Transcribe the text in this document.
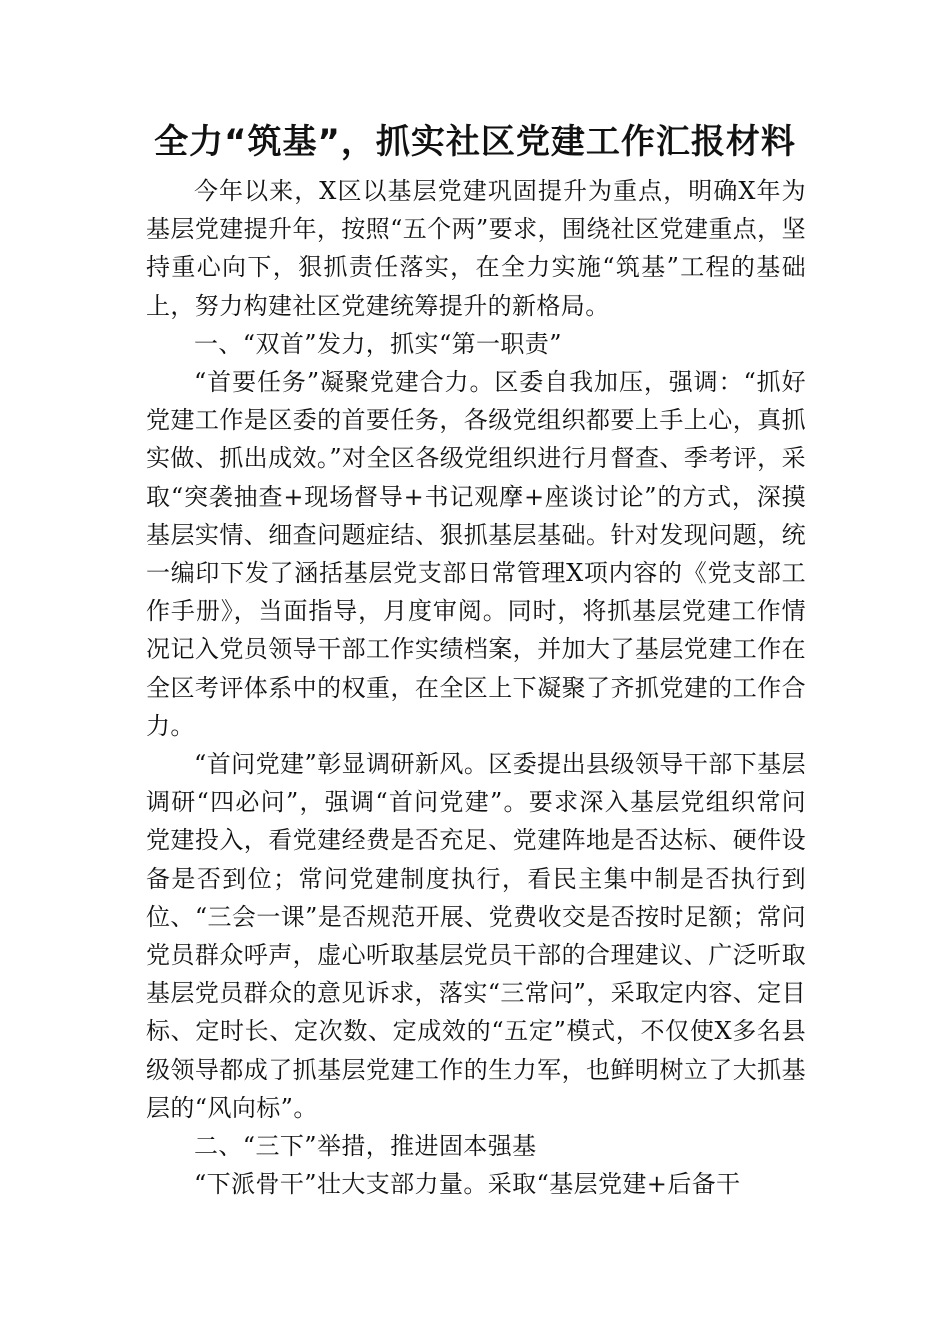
全力“筑基”，抓实社区党建工作汇报材料

今年以来，X区以基层党建巩固提升为重点，明确X年为基层党建提升年，按照“五个两”要求，围绕社区党建重点，坚持重心向下，狠抓责任落实，在全力实施“筑基”工程的基础上，努力构建社区党建统筹提升的新格局。

一、“双首”发力，抓实“第一职责”

“首要任务”凝聚党建合力。区委自我加压，强调：“抓好党建工作是区委的首要任务，各级党组织都要上手上心，真抓实做、抓出成效。”对全区各级党组织进行月督查、季考评，采取“突袭抽查+现场督导+书记观摩+座谈讨论”的方式，深摸基层实情、细查问题症结、狠抓基层基础。针对发现问题，统一编印下发了涵括基层党支部日常管理X项内容的《党支部工作手册》，当面指导，月度审阅。同时，将抓基层党建工作情况记入党员领导干部工作实绩档案，并加大了基层党建工作在全区考评体系中的权重，在全区上下凝聚了齐抓党建的工作合力。

“首问党建”彰显调研新风。区委提出县级领导干部下基层调研“四必问”，强调“首问党建”。要求深入基层党组织常问党建投入，看党建经费是否充足、党建阵地是否达标、硬件设备是否到位；常问党建制度执行，看民主集中制是否执行到位、“三会一课”是否规范开展、党费收交是否按时足额；常问党员群众呼声，虚心听取基层党员干部的合理建议、广泛听取基层党员群众的意见诉求，落实“三常问”，采取定内容、定目标、定时长、定次数、定成效的“五定”模式，不仅使X多名县级领导都成了抓基层党建工作的生力军，也鲜明树立了大抓基层的“风向标”。

二、“三下”举措，推进固本强基

“下派骨干”壮大支部力量。采取“基层党建+后备干
